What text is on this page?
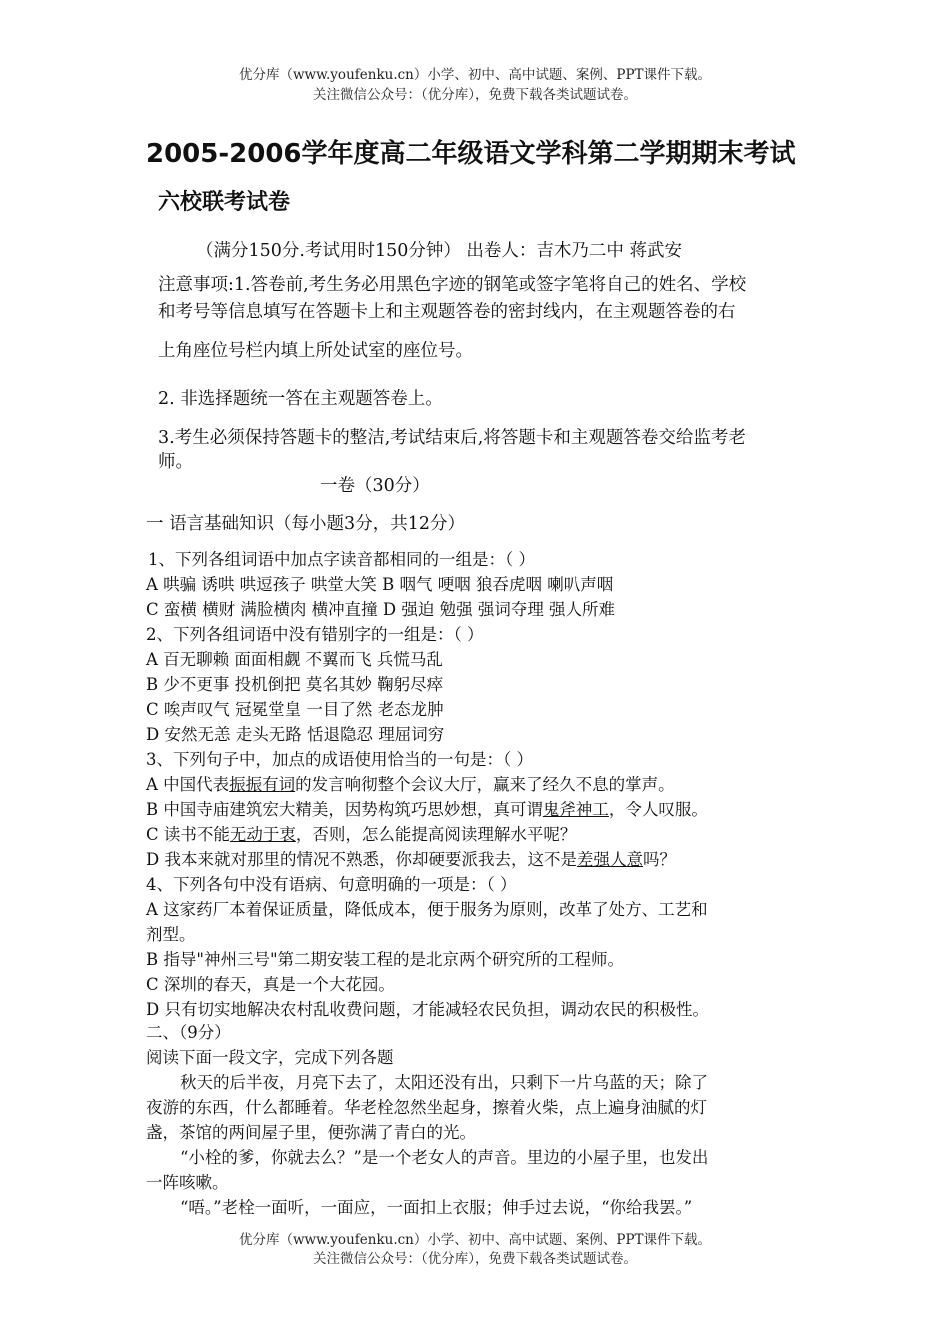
优分库（www.youfenku.cn）小学、初中、高中试题、案例、PPT课件下载。
关注微信公众号：（优分库），免费下载各类试题试卷。
2005-2006学年度高二年级语文学科第二学期期末考试
六校联考试卷
（满分150分.考试用时150分钟） 出卷人：吉木乃二中 蒋武安
注意事项:1.答卷前,考生务必用黑色字迹的钢笔或签字笔将自己的姓名、学校
和考号等信息填写在答题卡上和主观题答卷的密封线内，在主观题答卷的右
上角座位号栏内填上所处试室的座位号。
2. 非选择题统一答在主观题答卷上。
3.考生必须保持答题卡的整洁,考试结束后,将答题卡和主观题答卷交给监考老
师。
一卷（30分）
一 语言基础知识（每小题3分，共12分）
1、下列各组词语中加点字读音都相同的一组是：（ ）
A 哄骗 诱哄 哄逗孩子 哄堂大笑 B 咽气 哽咽 狼吞虎咽 喇叭声咽
C 蛮横 横财 满脸横肉 横冲直撞 D 强迫 勉强 强词夺理 强人所难
2、下列各组词语中没有错别字的一组是：（ ）
A 百无聊赖 面面相觑 不翼而飞 兵慌马乱
B 少不更事 投机倒把 莫名其妙 鞠躬尽瘁
C 唉声叹气 冠冕堂皇 一目了然 老态龙肿
D 安然无恙 走头无路 恬退隐忍 理屈词穷
3、下列句子中，加点的成语使用恰当的一句是：（ ）
A 中国代表振振有词的发言响彻整个会议大厅，赢来了经久不息的掌声。
B 中国寺庙建筑宏大精美，因势构筑巧思妙想，真可谓鬼斧神工，令人叹服。
C 读书不能无动于衷，否则，怎么能提高阅读理解水平呢？
D 我本来就对那里的情况不熟悉，你却硬要派我去，这不是差强人意吗？
4、下列各句中没有语病、句意明确的一项是：（ ）
A 这家药厂本着保证质量，降低成本，便于服务为原则，改革了处方、工艺和
剂型。
B 指导"神州三号"第二期安装工程的是北京两个研究所的工程师。
C 深圳的春天，真是一个大花园。
D 只有切实地解决农村乱收费问题，才能减轻农民负担，调动农民的积极性。
二、（9分）
阅读下面一段文字，完成下列各题
秋天的后半夜，月亮下去了，太阳还没有出，只剩下一片乌蓝的天；除了
夜游的东西，什么都睡着。华老栓忽然坐起身，擦着火柴，点上遍身油腻的灯
盏，茶馆的两间屋子里，便弥满了青白的光。
“小栓的爹，你就去么？”是一个老女人的声音。里边的小屋子里，也发出
一阵咳嗽。
“唔。”老栓一面听，一面应，一面扣上衣服；伸手过去说，“你给我罢。”
优分库（www.youfenku.cn）小学、初中、高中试题、案例、PPT课件下载。
关注微信公众号：（优分库），免费下载各类试题试卷。
